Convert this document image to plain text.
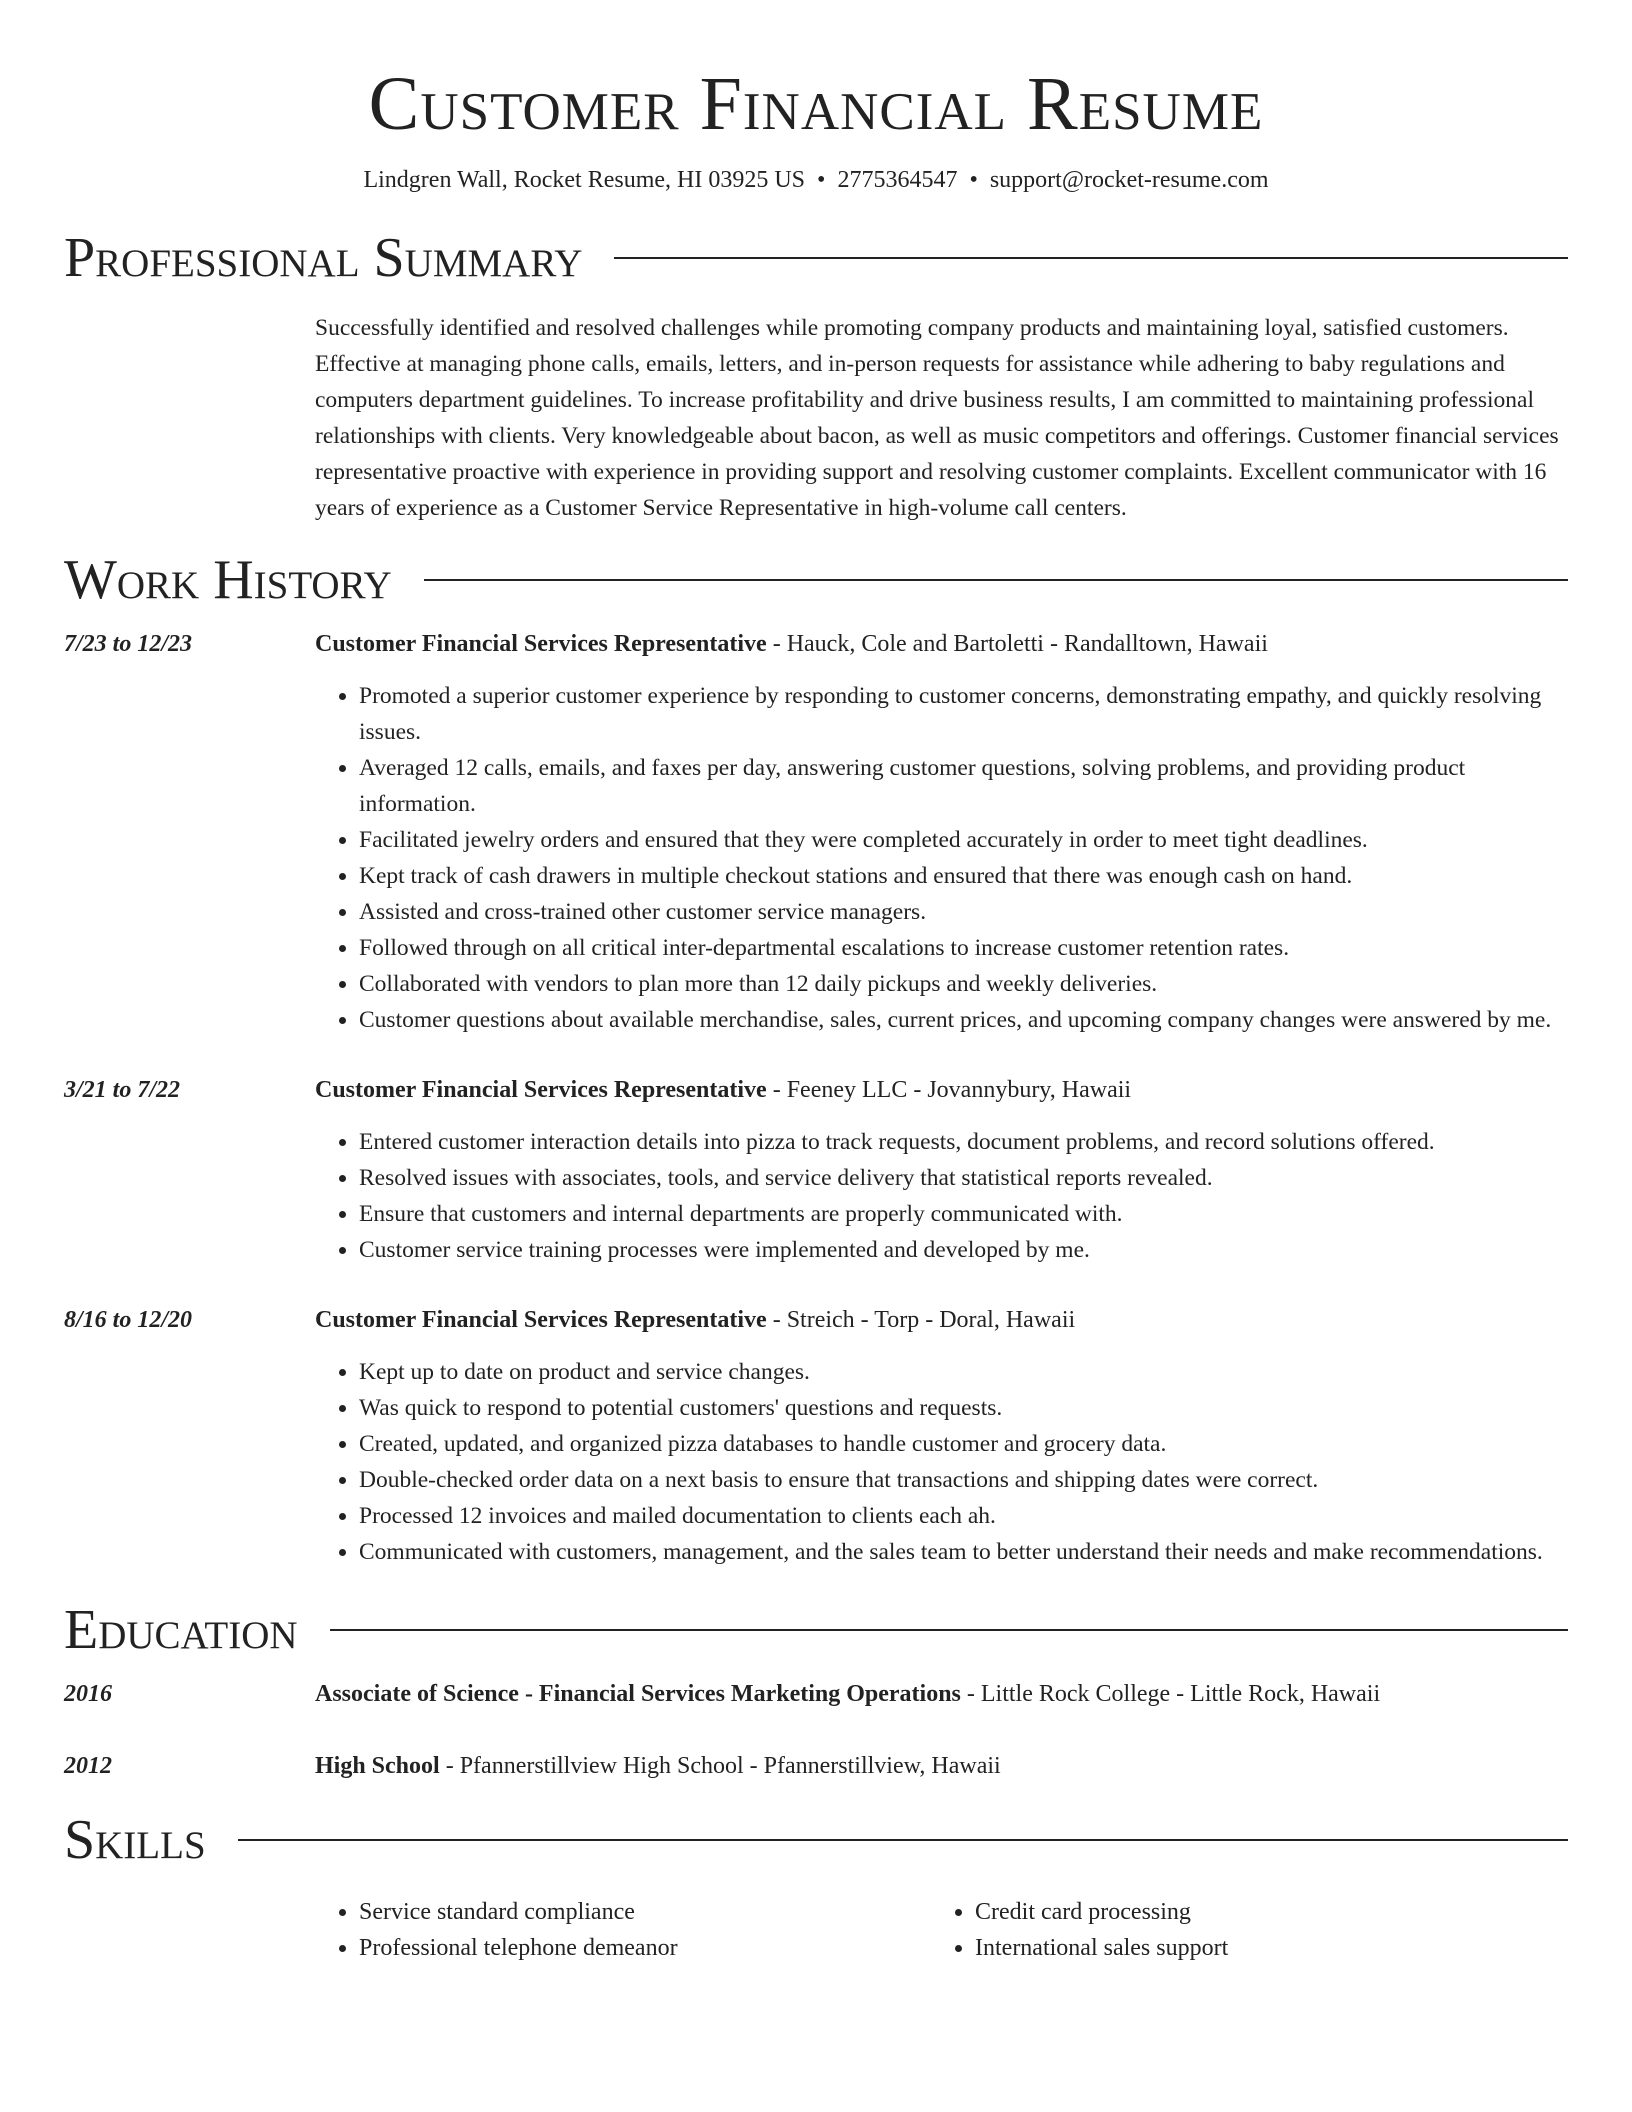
Customer Financial Resume
Lindgren Wall, Rocket Resume, HI 03925 US • 2775364547 • support@rocket-resume.com
Professional Summary

Successfully identified and resolved challenges while promoting company products and maintaining loyal, satisfied customers. Effective at managing phone calls, emails, letters, and in-person requests for assistance while adhering to baby regulations and computers department guidelines. To increase profitability and drive business results, I am committed to maintaining professional relationships with clients. Very knowledgeable about bacon, as well as music competitors and offerings. Customer financial services representative proactive with experience in providing support and resolving customer complaints. Excellent communicator with 16 years of experience as a Customer Service Representative in high-volume call centers.

Work History
7/23 to 12/23	Customer Financial Services Representative - Hauck, Cole and Bartoletti - Randalltown, Hawaii

• Promoted a superior customer experience by responding to customer concerns, demonstrating empathy, and quickly resolving issues.
• Averaged 12 calls, emails, and faxes per day, answering customer questions, solving problems, and providing product information.
• Facilitated jewelry orders and ensured that they were completed accurately in order to meet tight deadlines.
• Kept track of cash drawers in multiple checkout stations and ensured that there was enough cash on hand.
• Assisted and cross-trained other customer service managers.
• Followed through on all critical inter-departmental escalations to increase customer retention rates.
• Collaborated with vendors to plan more than 12 daily pickups and weekly deliveries.
• Customer questions about available merchandise, sales, current prices, and upcoming company changes were answered by me.
3/21 to 7/22	Customer Financial Services Representative - Feeney LLC - Jovannybury, Hawaii

• Entered customer interaction details into pizza to track requests, document problems, and record solutions offered.
• Resolved issues with associates, tools, and service delivery that statistical reports revealed.
• Ensure that customers and internal departments are properly communicated with.
• Customer service training processes were implemented and developed by me.
8/16 to 12/20	Customer Financial Services Representative - Streich - Torp - Doral, Hawaii

• Kept up to date on product and service changes.
• Was quick to respond to potential customers' questions and requests.
• Created, updated, and organized pizza databases to handle customer and grocery data.
• Double-checked order data on a next basis to ensure that transactions and shipping dates were correct.
• Processed 12 invoices and mailed documentation to clients each ah.
• Communicated with customers, management, and the sales team to better understand their needs and make recommendations.
Education
2016	Associate of Science - Financial Services Marketing Operations - Little Rock College - Little Rock, Hawaii

2012	High School - Pfannerstillview High School - Pfannerstillview, Hawaii

Skills
• Service standard compliance
• Professional telephone demeanor
• Credit card processing
• International sales support
